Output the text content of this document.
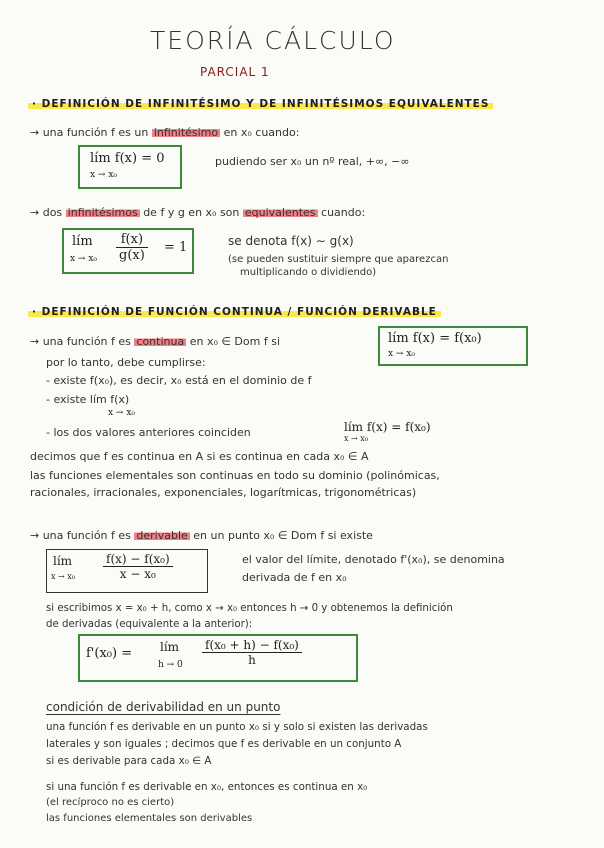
TEORÍA CÁLCULO
PARCIAL 1
· DEFINICIÓN DE INFINITÉSIMO Y DE INFINITÉSIMOS EQUIVALENTES
→ una función f es un infinitésimo en x₀ cuando:
lím f(x) = 0
x → x₀
pudiendo ser x₀ un nº real, +∞, −∞
→ dos infinitésimos de f y g en x₀ son equivalentes cuando:
lím
$x \to x_0 \frac{f(x)}{g(x)} = 1$	se denota f(x) ∼ g(x)
(se pueden sustituir siempre que aparezcan
multiplicando o dividiendo)
· DEFINICIÓN DE FUNCIÓN CONTINUA / FUNCIÓN DERIVABLE
→ una función f es continua en x₀ ∈ Dom f si	lím f(x) = f(x₀)
x → x₀
por lo tanto, debe cumplirse:
- existe f(x₀), es decir, x₀ está en el dominio de f
- existe lím f(x)
x → x₀
- los dos valores anteriores coinciden	lím f(x) = f(x₀)
x → x₀
decimos que f es continua en A si es continua en cada x₀ ∈ A
las funciones elementales son continuas en todo su dominio (polinómicas,
racionales, irracionales, exponenciales, logarítmicas, trigonométricas)
→ una función f es derivable en un punto x₀ ∈ Dom f si existe
lím
$x \to x_0 \frac{\text{f(x) − f(x₀)}}{\text{x − x₀}}$	el valor del límite, denotado f'(x₀), se denomina
derivada de f en x₀
si escribimos x = x₀ + h, como x → x₀ entonces h → 0 y obtenemos la definición
de derivadas (equivalente a la anterior):
f'(x₀) = lím
$h \to 0 \frac{\text{f(x₀ + h) − f(x₀)}}{h}$
condición de derivabilidad en un punto
una función f es derivable en un punto x₀ si y solo si existen las derivadas
laterales y son iguales ; decimos que f es derivable en un conjunto A
si es derivable para cada x₀ ∈ A
si una función f es derivable en x₀, entonces es continua en x₀
(el recíproco no es cierto)
las funciones elementales son derivables
